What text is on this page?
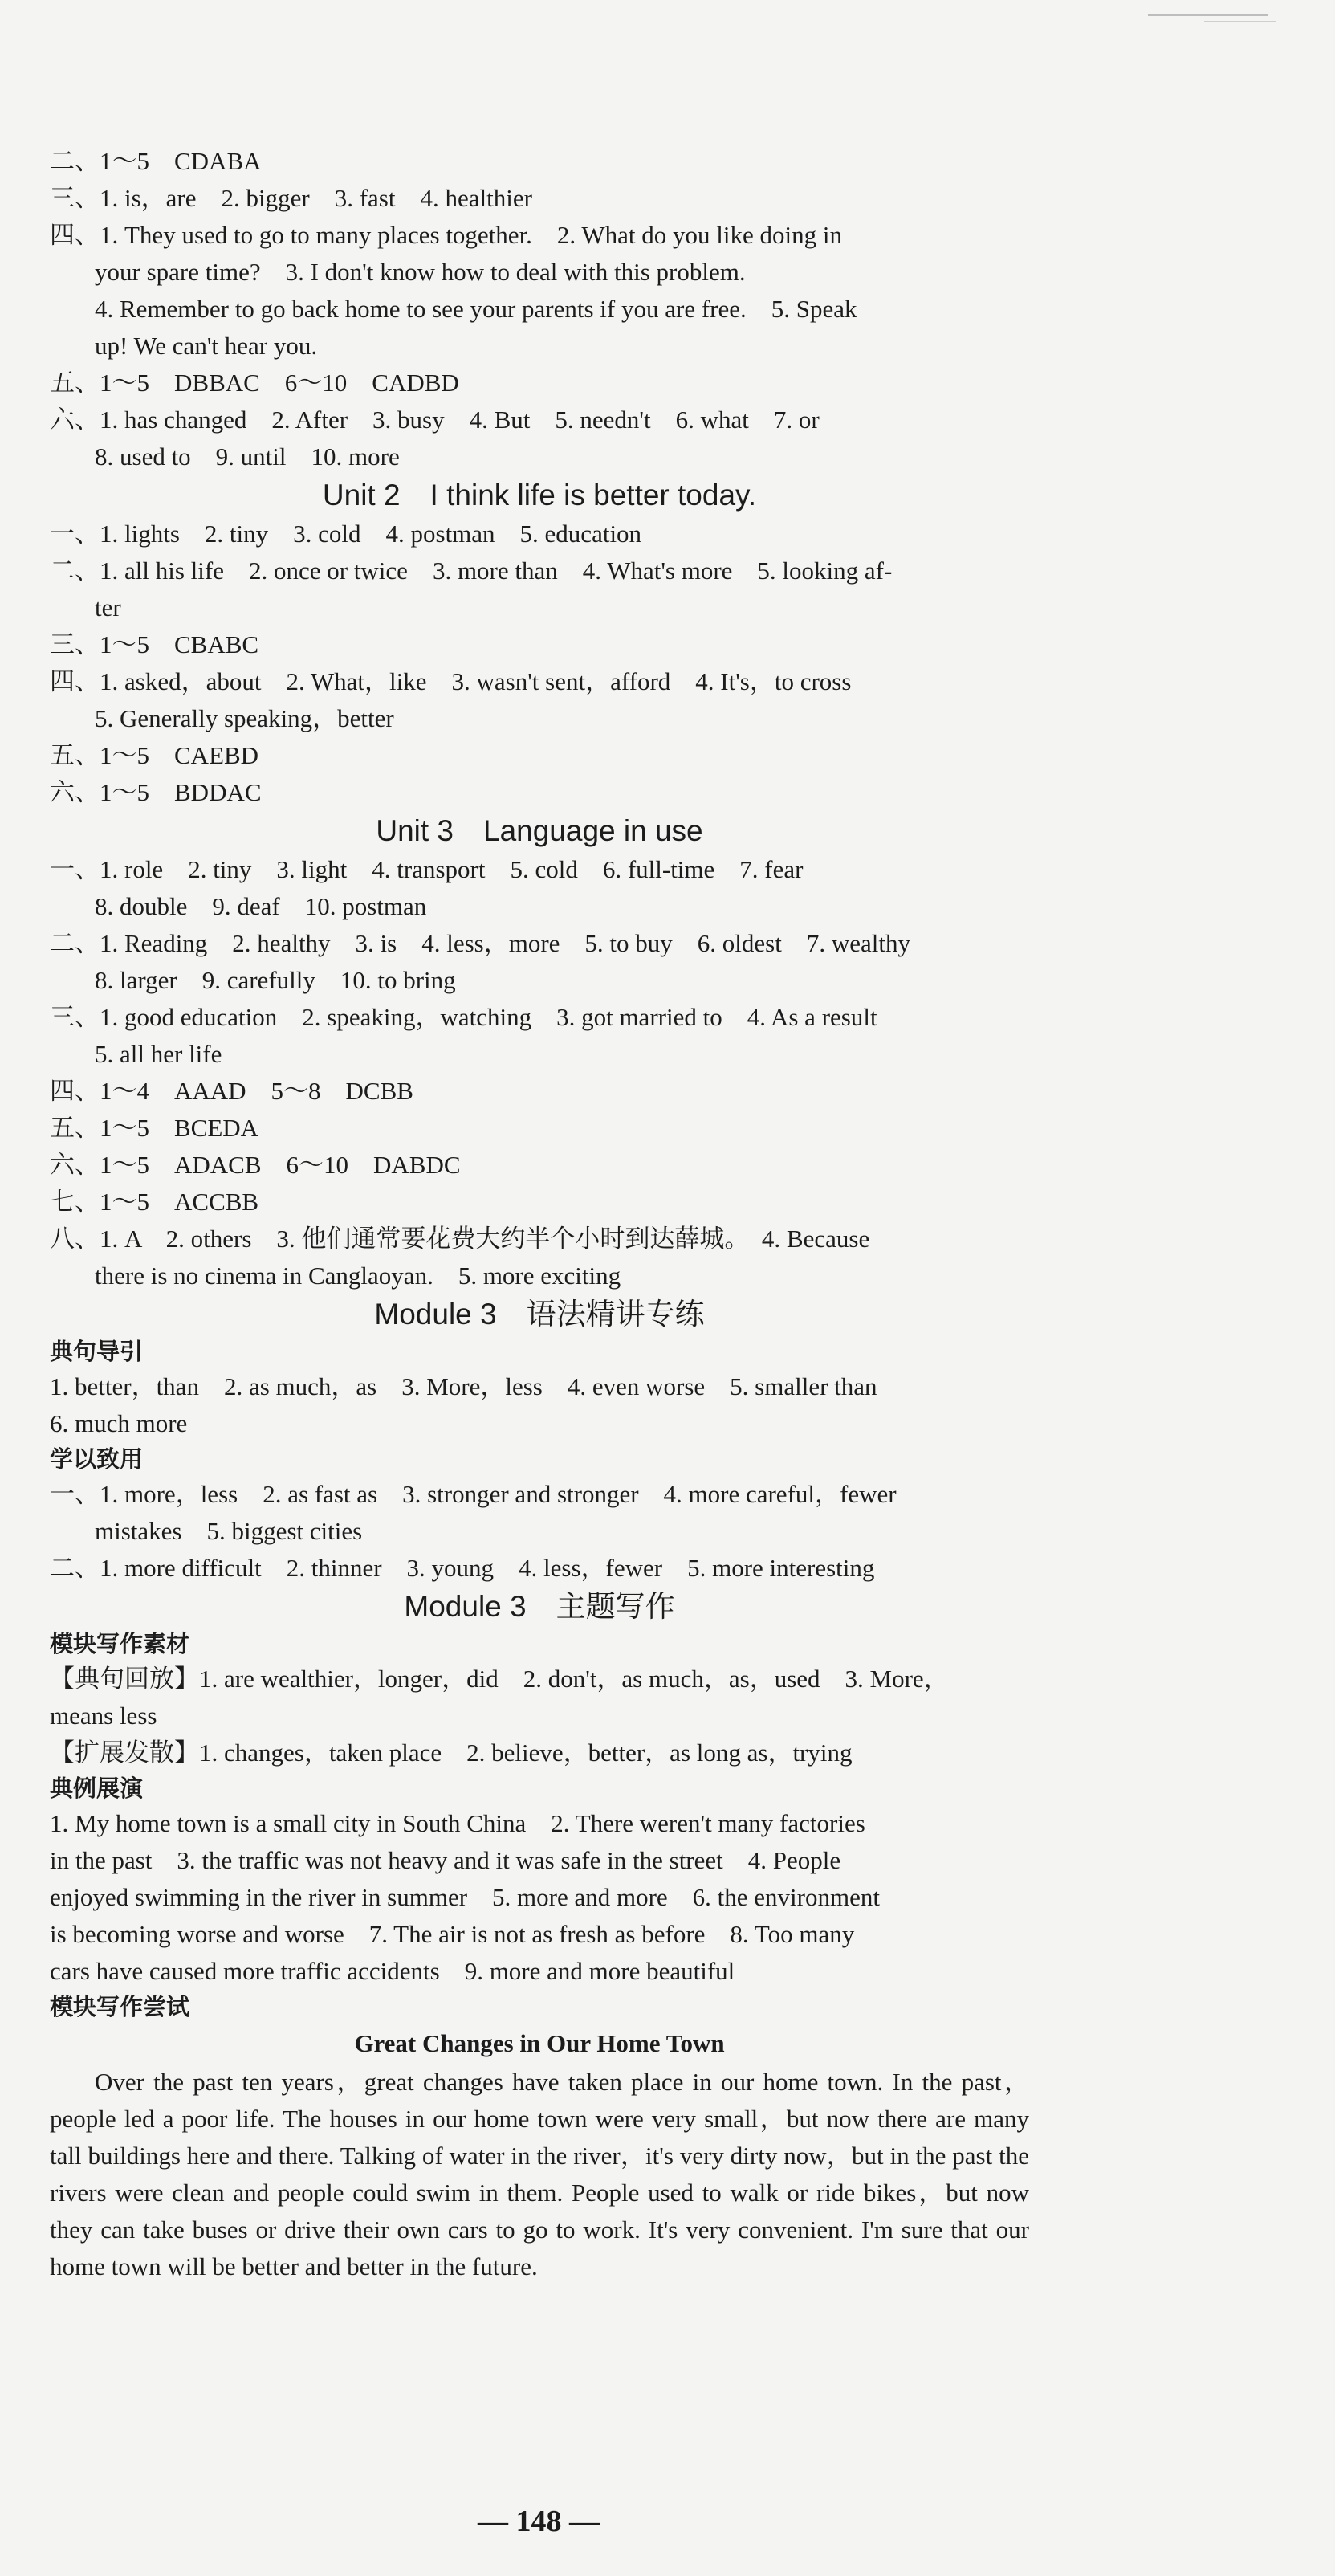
二、1～5　CDABA
三、1. is，are　2. bigger　3. fast　4. healthier
四、1. They used to go to many places together.　2. What do you like doing in
your spare time?　3. I don't know how to deal with this problem.
4. Remember to go back home to see your parents if you are free.　5. Speak
up! We can't hear you.
五、1～5　DBBAC　6～10　CADBD
六、1. has changed　2. After　3. busy　4. But　5. needn't　6. what　7. or
8. used to　9. until　10. more
Unit 2　I think life is better today.
一、1. lights　2. tiny　3. cold　4. postman　5. education
二、1. all his life　2. once or twice　3. more than　4. What's more　5. looking af-
ter
三、1～5　CBABC
四、1. asked，about　2. What，like　3. wasn't sent，afford　4. It's，to cross
5. Generally speaking，better
五、1～5　CAEBD
六、1～5　BDDAC
Unit 3　Language in use
一、1. role　2. tiny　3. light　4. transport　5. cold　6. full-time　7. fear
8. double　9. deaf　10. postman
二、1. Reading　2. healthy　3. is　4. less，more　5. to buy　6. oldest　7. wealthy
8. larger　9. carefully　10. to bring
三、1. good education　2. speaking，watching　3. got married to　4. As a result
5. all her life
四、1～4　AAAD　5～8　DCBB
五、1～5　BCEDA
六、1～5　ADACB　6～10　DABDC
七、1～5　ACCBB
八、1. A　2. others　3. 他们通常要花费大约半个小时到达薛城。　4. Because
there is no cinema in Canglaoyan.　5. more exciting
Module 3　语法精讲专练
典句导引
1. better，than　2. as much，as　3. More，less　4. even worse　5. smaller than
6. much more
学以致用
一、1. more，less　2. as fast as　3. stronger and stronger　4. more careful，fewer
mistakes　5. biggest cities
二、1. more difficult　2. thinner　3. young　4. less，fewer　5. more interesting
Module 3　主题写作
模块写作素材
【典句回放】1. are wealthier，longer，did　2. don't，as much，as，used　3. More，
means less
【扩展发散】1. changes，taken place　2. believe，better，as long as，trying
典例展演
1. My home town is a small city in South China　2. There weren't many factories
in the past　3. the traffic was not heavy and it was safe in the street　4. People
enjoyed swimming in the river in summer　5. more and more　6. the environment
is becoming worse and worse　7. The air is not as fresh as before　8. Too many
cars have caused more traffic accidents　9. more and more beautiful
模块写作尝试
Great Changes in Our Home Town
Over the past ten years，great changes have taken place in our home town. In the past，people led a poor life. The houses in our home town were very small，but now there are many tall buildings here and there. Talking of water in the river，it's very dirty now，but in the past the rivers were clean and people could swim in them. People used to walk or ride bikes，but now they can take buses or drive their own cars to go to work. It's very convenient. I'm sure that our home town will be better and better in the future.
— 148 —
